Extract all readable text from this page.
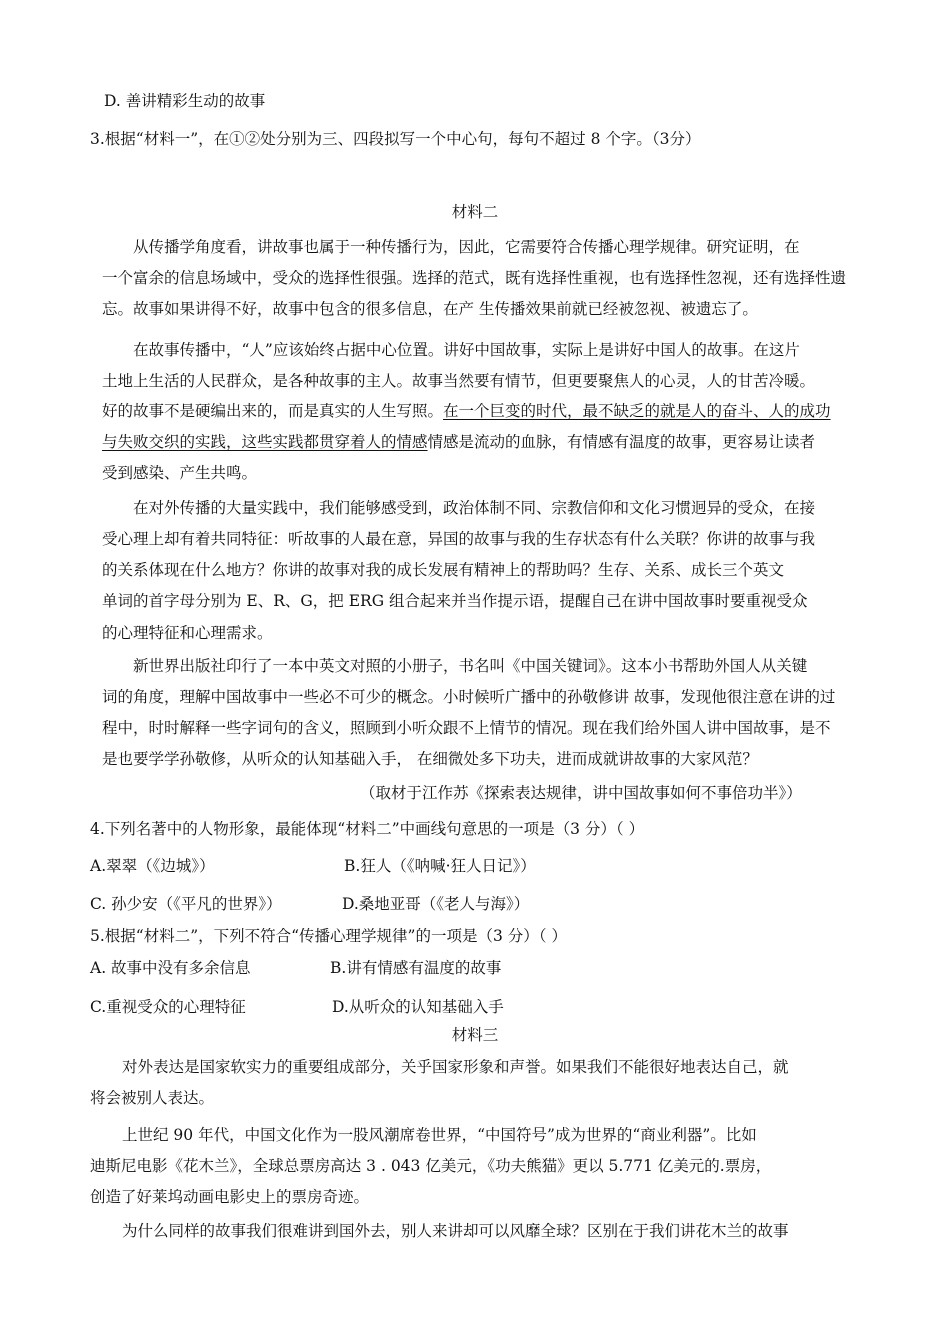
D. 善讲精彩生动的故事
3.根据“材料一”，在①②处分别为三、四段拟写一个中心句，每句不超过 8 个字。（3分）
材料二
从传播学角度看，讲故事也属于一种传播行为，因此，它需要符合传播心理学规律。研究证明，在
一个富余的信息场域中，受众的选择性很强。选择的范式，既有选择性重视，也有选择性忽视，还有选择性遗
忘。故事如果讲得不好，故事中包含的很多信息，在产 生传播效果前就已经被忽视、被遗忘了。
在故事传播中，“人”应该始终占据中心位置。讲好中国故事，实际上是讲好中国人的故事。在这片
土地上生活的人民群众，是各种故事的主人。故事当然要有情节，但更要聚焦人的心灵，人的甘苦冷暖。
好的故事不是硬编出来的，而是真实的人生写照。在一个巨变的时代，最不缺乏的就是人的奋斗、人的成功
与失败交织的实践，这些实践都贯穿着人的情感情感是流动的血脉，有情感有温度的故事，更容易让读者
受到感染、产生共鸣。
在对外传播的大量实践中，我们能够感受到，政治体制不同、宗教信仰和文化习惯迥异的受众，在接
受心理上却有着共同特征：听故事的人最在意，异国的故事与我的生存状态有什么关联？你讲的故事与我
的关系体现在什么地方？你讲的故事对我的成长发展有精神上的帮助吗？生存、关系、成长三个英文
单词的首字母分别为 E、R、G，把 ERG 组合起来并当作提示语，提醒自己在讲中国故事时要重视受众
的心理特征和心理需求。
新世界出版社印行了一本中英文对照的小册子，书名叫《中国关键词》。这本小书帮助外国人从关键
词的角度，理解中国故事中一些必不可少的概念。小时候听广播中的孙敬修讲 故事，发现他很注意在讲的过
程中，时时解释一些字词句的含义，照顾到小听众跟不上情节的情况。现在我们给外国人讲中国故事，是不
是也要学学孙敬修，从听众的认知基础入手， 在细微处多下功夫，进而成就讲故事的大家风范？
（取材于江作苏《探索表达规律，讲中国故事如何不事倍功半》）
4.下列名著中的人物形象，最能体现“材料二”中画线句意思的一项是（3 分）（ ）
A.翠翠（《边城》）	B.狂人（《呐喊·狂人日记》）
C. 孙少安（《平凡的世界》）	D.桑地亚哥（《老人与海》）
5.根据“材料二”，下列不符合“传播心理学规律”的一项是（3 分）（ ）
A. 故事中没有多余信息	B.讲有情感有温度的故事
C.重视受众的心理特征	D.从听众的认知基础入手
材料三
对外表达是国家软实力的重要组成部分，关乎国家形象和声誉。如果我们不能很好地表达自己，就
将会被别人表达。
上世纪 90 年代，中国文化作为一股风潮席卷世界，“中国符号”成为世界的“商业利器”。比如
迪斯尼电影《花木兰》，全球总票房高达 3 . 043 亿美元，《功夫熊猫》更以 5.771 亿美元的.票房，
创造了好莱坞动画电影史上的票房奇迹。
为什么同样的故事我们很难讲到国外去，别人来讲却可以风靡全球？区别在于我们讲花木兰的故事
